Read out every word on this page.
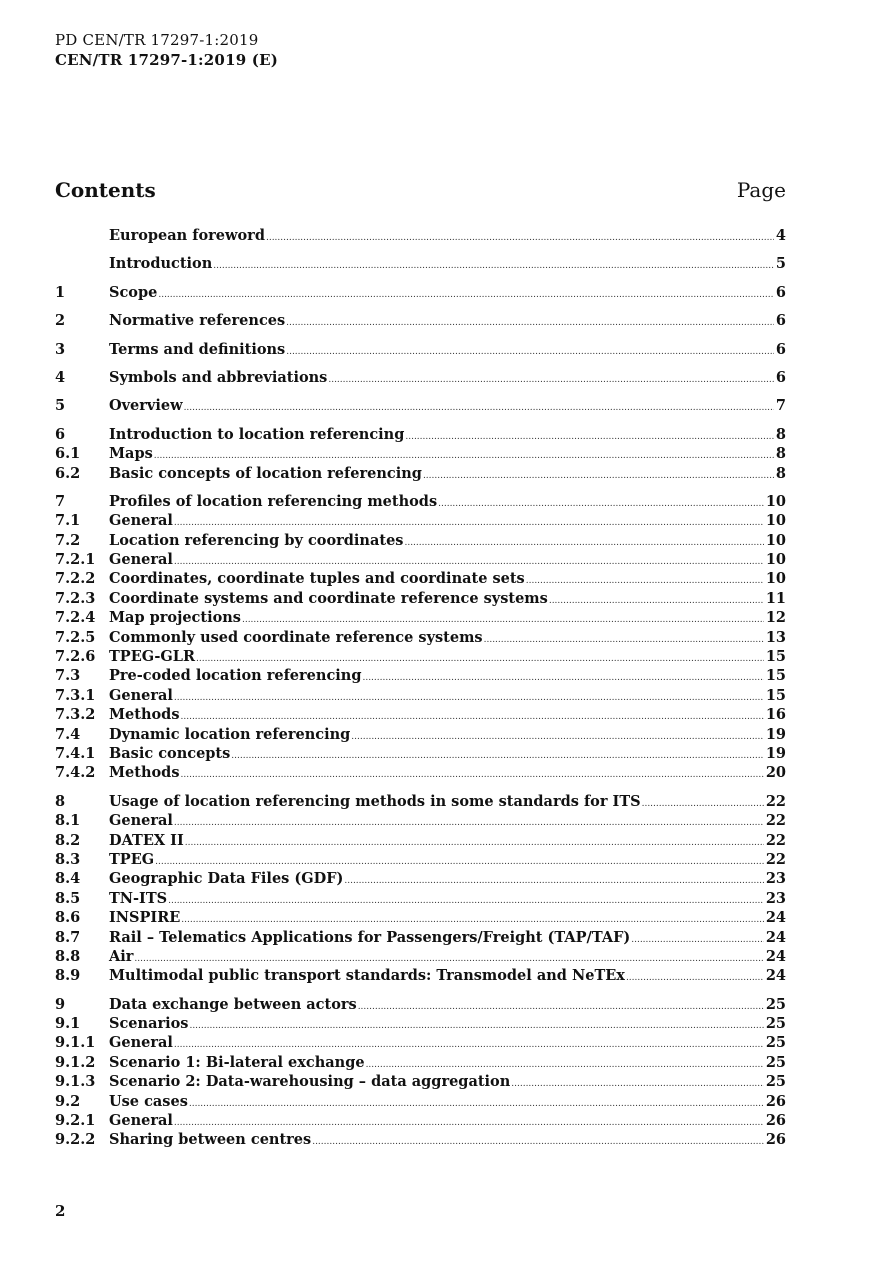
PD CEN/TR 17297-1:2019
CEN/TR 17297-1:2019 (E)
Contents	Page
European foreword .....	4
Introduction .....	5
1	Scope .....	6
2	Normative references .....	6
3	Terms and definitions .....	6
4	Symbols and abbreviations .....	6
5	Overview .....	7
6	Introduction to location referencing .....	8
6.1	Maps .....	8
6.2	Basic concepts of location referencing .....	8
7	Profiles of location referencing methods .....	10
7.1	General .....	10
7.2	Location referencing by coordinates .....	10
7.2.1 General .....	10
7.2.2 Coordinates, coordinate tuples and coordinate sets .....	10
7.2.3 Coordinate systems and coordinate reference systems .....	11
7.2.4 Map projections .....	12
7.2.5 Commonly used coordinate reference systems .....	13
7.2.6 TPEG-GLR .....	15
7.3	Pre-coded location referencing .....	15
7.3.1 General .....	15
7.3.2 Methods .....	16
7.4	Dynamic location referencing .....	19
7.4.1 Basic concepts .....	19
7.4.2 Methods .....	20
8	Usage of location referencing methods in some standards for ITS .....	22
8.1	General .....	22
8.2	DATEX II .....	22
8.3	TPEG .....	22
8.4	Geographic Data Files (GDF) .....	23
8.5	TN-ITS .....	23
8.6	INSPIRE .....	24
8.7	Rail – Telematics Applications for Passengers/Freight (TAP/TAF) .....	24
8.8	Air .....	24
8.9	Multimodal public transport standards: Transmodel and NeTEx .....	24
9	Data exchange between actors .....	25
9.1	Scenarios .....	25
9.1.1 General .....	25
9.1.2 Scenario 1: Bi-lateral exchange .....	25
9.1.3 Scenario 2: Data-warehousing – data aggregation .....	25
9.2	Use cases .....	26
9.2.1 General .....	26
9.2.2 Sharing between centres .....	26
2
